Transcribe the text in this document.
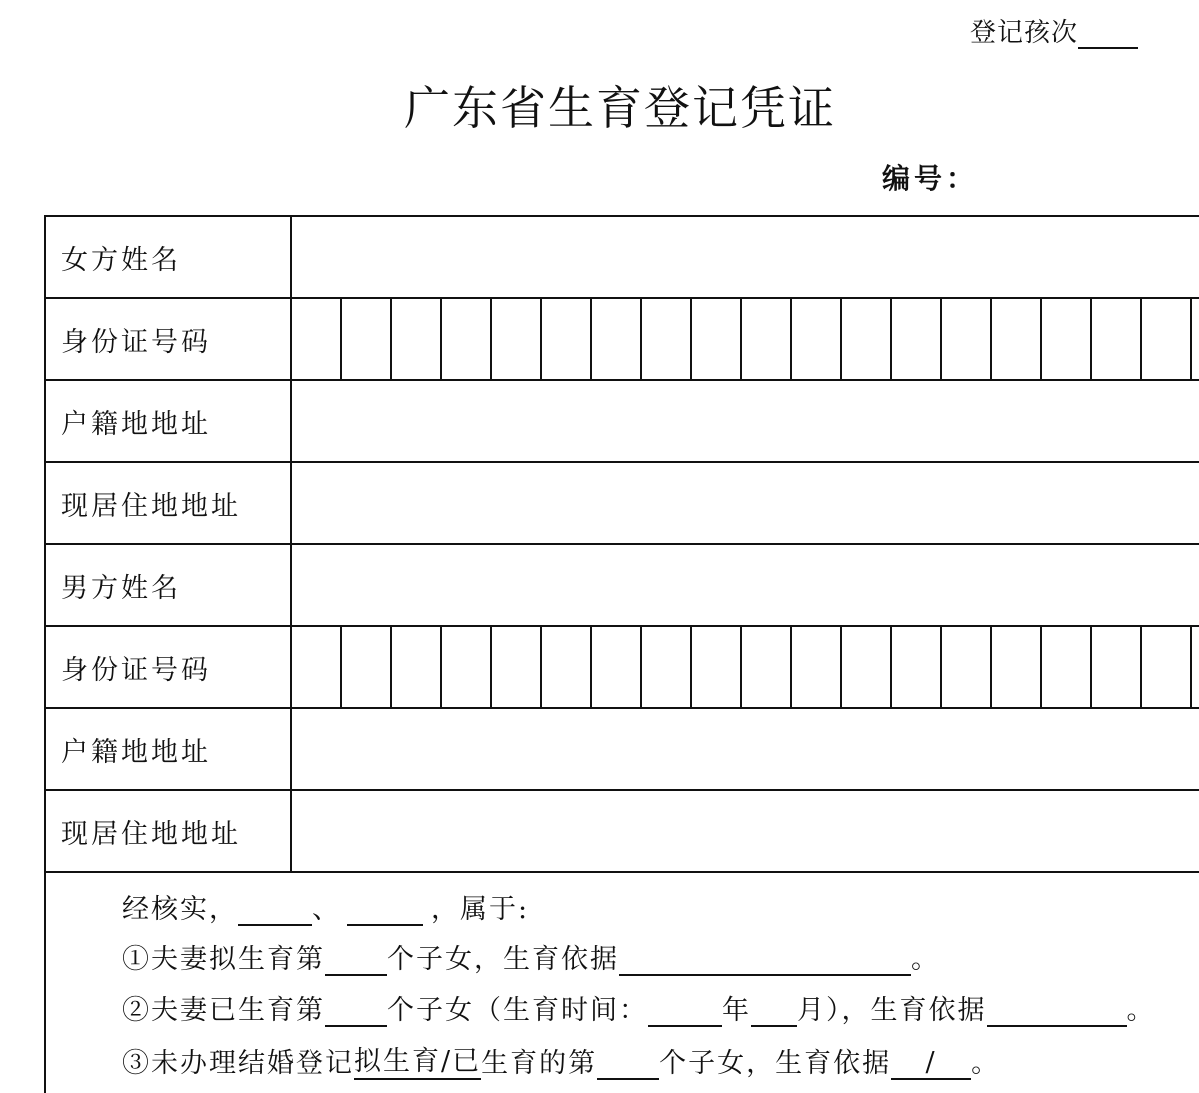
登记孩次
广东省生育登记凭证
编号：
女方姓名
身份证号码
户籍地地址
现居住地地址
男方姓名
身份证号码
户籍地地址
现居住地地址
经核实，	、	，属于:
①夫妻拟生育第 个子女，生育依据	。
②夫妻已生育第 个子女（生育时间：	年 月），生育依据	。
③未办理结婚登记 拟生育/已 生育的第 个子女，生育依据	/	。
